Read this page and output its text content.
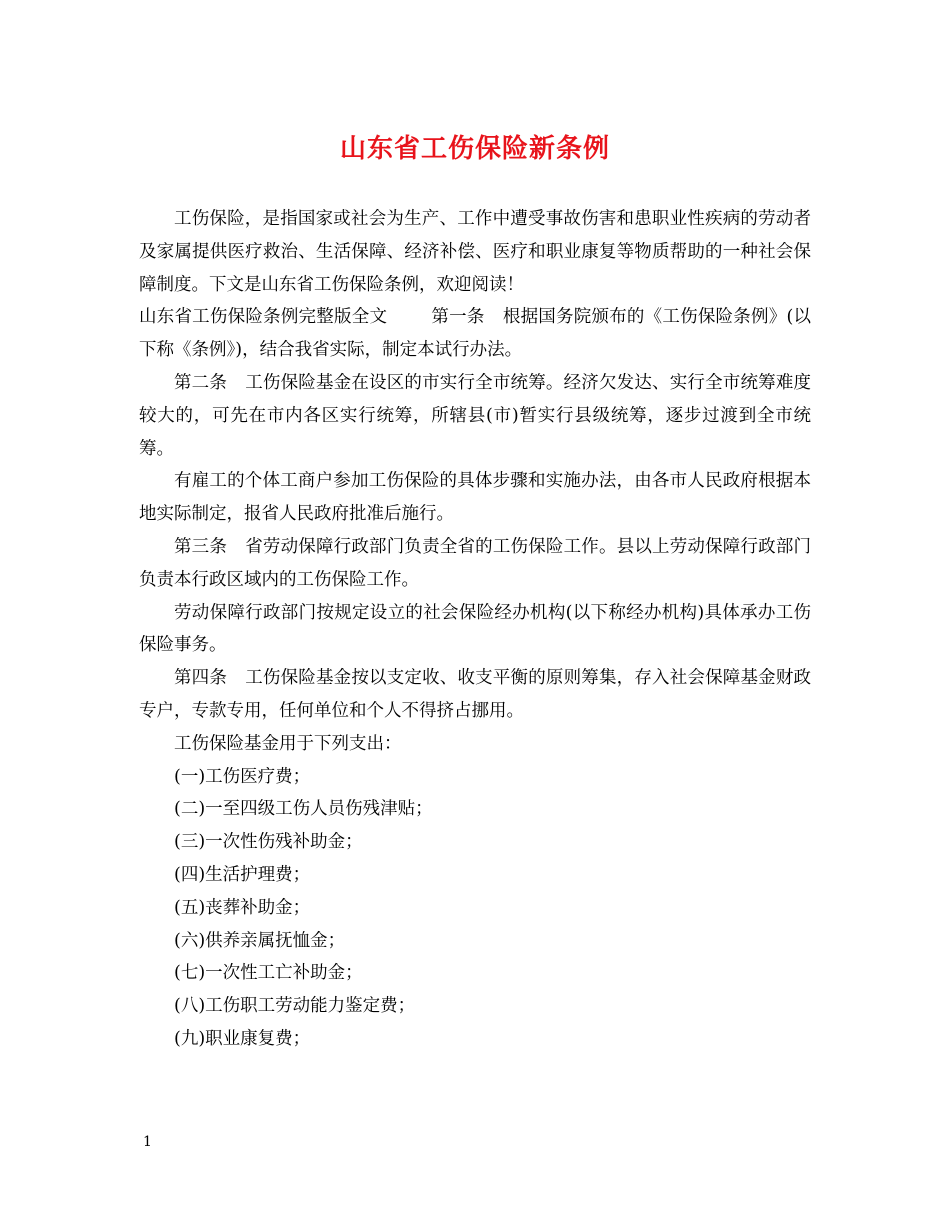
山东省工伤保险新条例

工伤保险，是指国家或社会为生产、工作中遭受事故伤害和患职业性疾病的劳动者及家属提供医疗救治、生活保障、经济补偿、医疗和职业康复等物质帮助的一种社会保障制度。下文是山东省工伤保险条例，欢迎阅读！

山东省工伤保险条例完整版全文	第一条 根据国务院颁布的《工伤保险条例》(以下称《条例》)，结合我省实际，制定本试行办法。

第二条 工伤保险基金在设区的市实行全市统筹。经济欠发达、实行全市统筹难度较大的，可先在市内各区实行统筹，所辖县(市)暂实行县级统筹，逐步过渡到全市统筹。

有雇工的个体工商户参加工伤保险的具体步骤和实施办法，由各市人民政府根据本地实际制定，报省人民政府批准后施行。

第三条 省劳动保障行政部门负责全省的工伤保险工作。县以上劳动保障行政部门负责本行政区域内的工伤保险工作。

劳动保障行政部门按规定设立的社会保险经办机构(以下称经办机构)具体承办工伤保险事务。

第四条 工伤保险基金按以支定收、收支平衡的原则筹集，存入社会保障基金财政专户，专款专用，任何单位和个人不得挤占挪用。

工伤保险基金用于下列支出：

(一)工伤医疗费；

(二)一至四级工伤人员伤残津贴；

(三)一次性伤残补助金；

(四)生活护理费；

(五)丧葬补助金；

(六)供养亲属抚恤金；

(七)一次性工亡补助金；

(八)工伤职工劳动能力鉴定费；

(九)职业康复费；

1
